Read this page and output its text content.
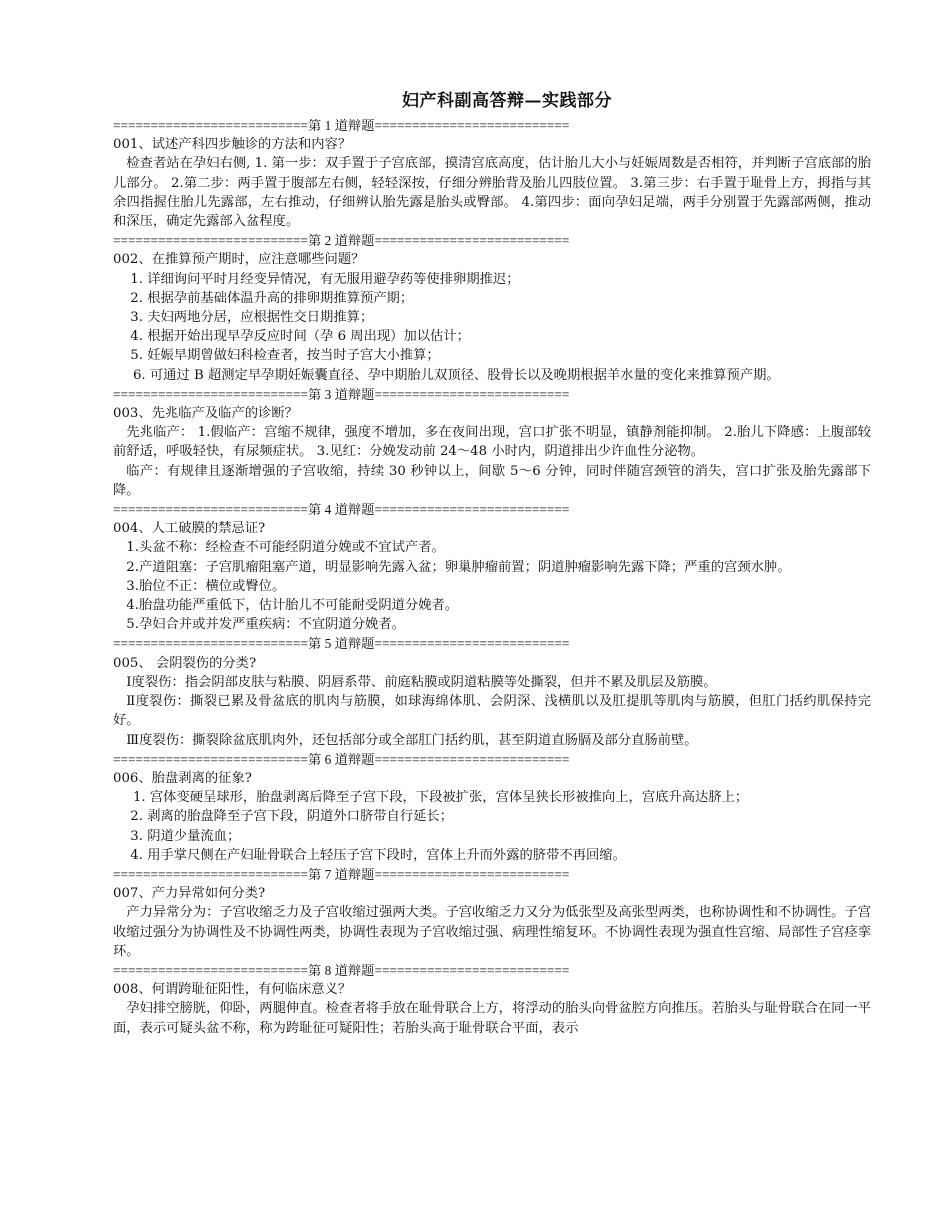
妇产科副高答辩—实践部分
==========================第 1 道辩题==========================
001、试述产科四步触诊的方法和内容？
检查者站在孕妇右侧, 1. 第一步：双手置于子宫底部，摸清宫底高度，估计胎儿大小与妊娠周数是否相符，并判断子宫底部的胎儿部分。 2.第二步：两手置于腹部左右侧，轻轻深按，仔细分辨胎背及胎儿四肢位置。 3.第三步：右手置于耻骨上方，拇指与其余四指握住胎儿先露部，左右推动，仔细辨认胎先露是胎头或臀部。 4.第四步：面向孕妇足端，两手分别置于先露部两侧，推动和深压，确定先露部入盆程度。
==========================第 2 道辩题==========================
002、在推算预产期时，应注意哪些问题？
1. 详细询问平时月经变异情况，有无服用避孕药等使排卵期推迟；
2. 根据孕前基础体温升高的排卵期推算预产期；
3. 夫妇两地分居，应根据性交日期推算；
4. 根据开始出现早孕反应时间（孕 6 周出现）加以估计；
5. 妊娠早期曾做妇科检查者，按当时子宫大小推算；
6. 可通过 B 超测定早孕期妊娠囊直径、孕中期胎儿双顶径、股骨长以及晚期根据羊水量的变化来推算预产期。
==========================第 3 道辩题==========================
003、先兆临产及临产的诊断？
先兆临产： 1.假临产：宫缩不规律，强度不增加，多在夜间出现，宫口扩张不明显，镇静剂能抑制。 2.胎儿下降感：上腹部较前舒适，呼吸轻快，有尿频症状。 3.见红：分娩发动前 24～48 小时内，阴道排出少许血性分泌物。
临产：有规律且逐渐增强的子宫收缩，持续 30 秒钟以上，间歇 5～6 分钟，同时伴随宫颈管的消失，宫口扩张及胎先露部下降。
==========================第 4 道辩题==========================
004、人工破膜的禁忌证?
1.头盆不称：经检查不可能经阴道分娩或不宜试产者。
2.产道阻塞：子宫肌瘤阻塞产道，明显影响先露入盆；卵巢肿瘤前置；阴道肿瘤影响先露下降；严重的宫颈水肿。
3.胎位不正：横位或臀位。
4.胎盘功能严重低下，估计胎儿不可能耐受阴道分娩者。
5.孕妇合并或并发严重疾病：不宜阴道分娩者。
==========================第 5 道辩题==========================
005、 会阴裂伤的分类?
Ⅰ度裂伤：指会阴部皮肤与粘膜、阴唇系带、前庭粘膜或阴道粘膜等处撕裂，但并不累及肌层及筋膜。
Ⅱ度裂伤：撕裂已累及骨盆底的肌肉与筋膜，如球海绵体肌、会阴深、浅横肌以及肛提肌等肌肉与筋膜，但肛门括约肌保持完好。
Ⅲ度裂伤：撕裂除盆底肌肉外，还包括部分或全部肛门括约肌，甚至阴道直肠膈及部分直肠前壁。
==========================第 6 道辩题==========================
006、胎盘剥离的征象?
1. 宫体变硬呈球形，胎盘剥离后降至子宫下段，下段被扩张，宫体呈狭长形被推向上，宫底升高达脐上；
2. 剥离的胎盘降至子宫下段，阴道外口脐带自行延长；
3. 阴道少量流血；
4. 用手掌尺侧在产妇耻骨联合上轻压子宫下段时，宫体上升而外露的脐带不再回缩。
==========================第 7 道辩题==========================
007、产力异常如何分类?
产力异常分为：子宫收缩乏力及子宫收缩过强两大类。子宫收缩乏力又分为低张型及高张型两类，也称协调性和不协调性。子宫收缩过强分为协调性及不协调性两类，协调性表现为子宫收缩过强、病理性缩复环。不协调性表现为强直性宫缩、局部性子宫痉挛环。
==========================第 8 道辩题==========================
008、何谓跨耻征阳性，有何临床意义？
孕妇排空膀胱，仰卧，两腿伸直。检查者将手放在耻骨联合上方，将浮动的胎头向骨盆腔方向推压。若胎头与耻骨联合在同一平面，表示可疑头盆不称，称为跨耻征可疑阳性；若胎头高于耻骨联合平面，表示
